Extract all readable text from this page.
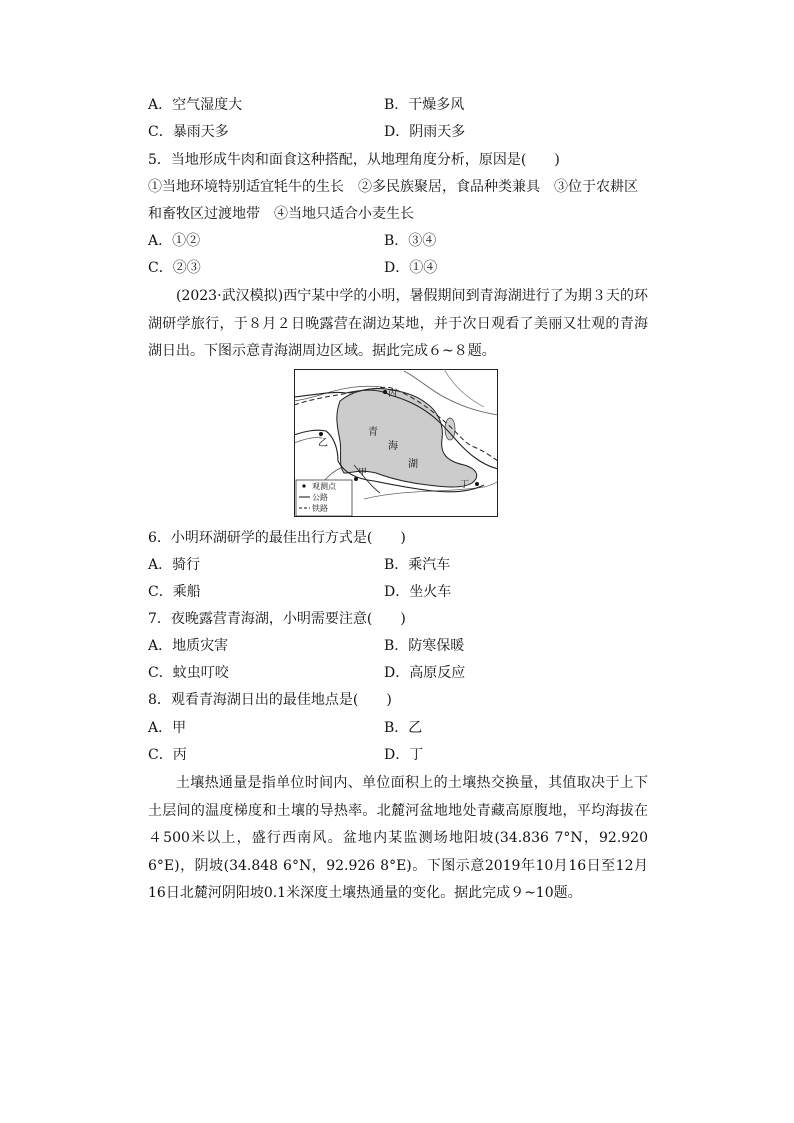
A．空气湿度大	B．干燥多风
C．暴雨天多	D．阴雨天多
5．当地形成牛肉和面食这种搭配，从地理角度分析，原因是(　　)
①当地环境特别适宜牦牛的生长　②多民族聚居，食品种类兼具　③位于农耕区
和畜牧区过渡地带　④当地只适合小麦生长
A．①②	B．③④
C．②③	D．①④
(2023·武汉模拟)西宁某中学的小明，暑假期间到青海湖进行了为期３天的环湖研学旅行，于８月２日晚露营在湖边某地，并于次日观看了美丽又壮观的青海湖日出。下图示意青海湖周边区域。据此完成６~８题。
丙
乙
甲
丁
青
海
湖
观测点
公路
铁路
6．小明环湖研学的最佳出行方式是(　　)
A．骑行	B．乘汽车
C．乘船	D．坐火车
7．夜晚露营青海湖，小明需要注意(　　)
A．地质灾害	B．防寒保暖
C．蚊虫叮咬	D．高原反应
8．观看青海湖日出的最佳地点是(　　)
A．甲	B．乙
C．丙	D．丁
土壤热通量是指单位时间内、单位面积上的土壤热交换量，其值取决于上下土层间的温度梯度和土壤的导热率。北麓河盆地地处青藏高原腹地，平均海拔在４500米以上，盛行西南风。盆地内某监测场地阳坡(34.836 7°N，92.920 6°E)，阴坡(34.848 6°N，92.926 8°E)。下图示意2019年10月16日至12月16日北麓河阴阳坡0.1米深度土壤热通量的变化。据此完成９~10题。
